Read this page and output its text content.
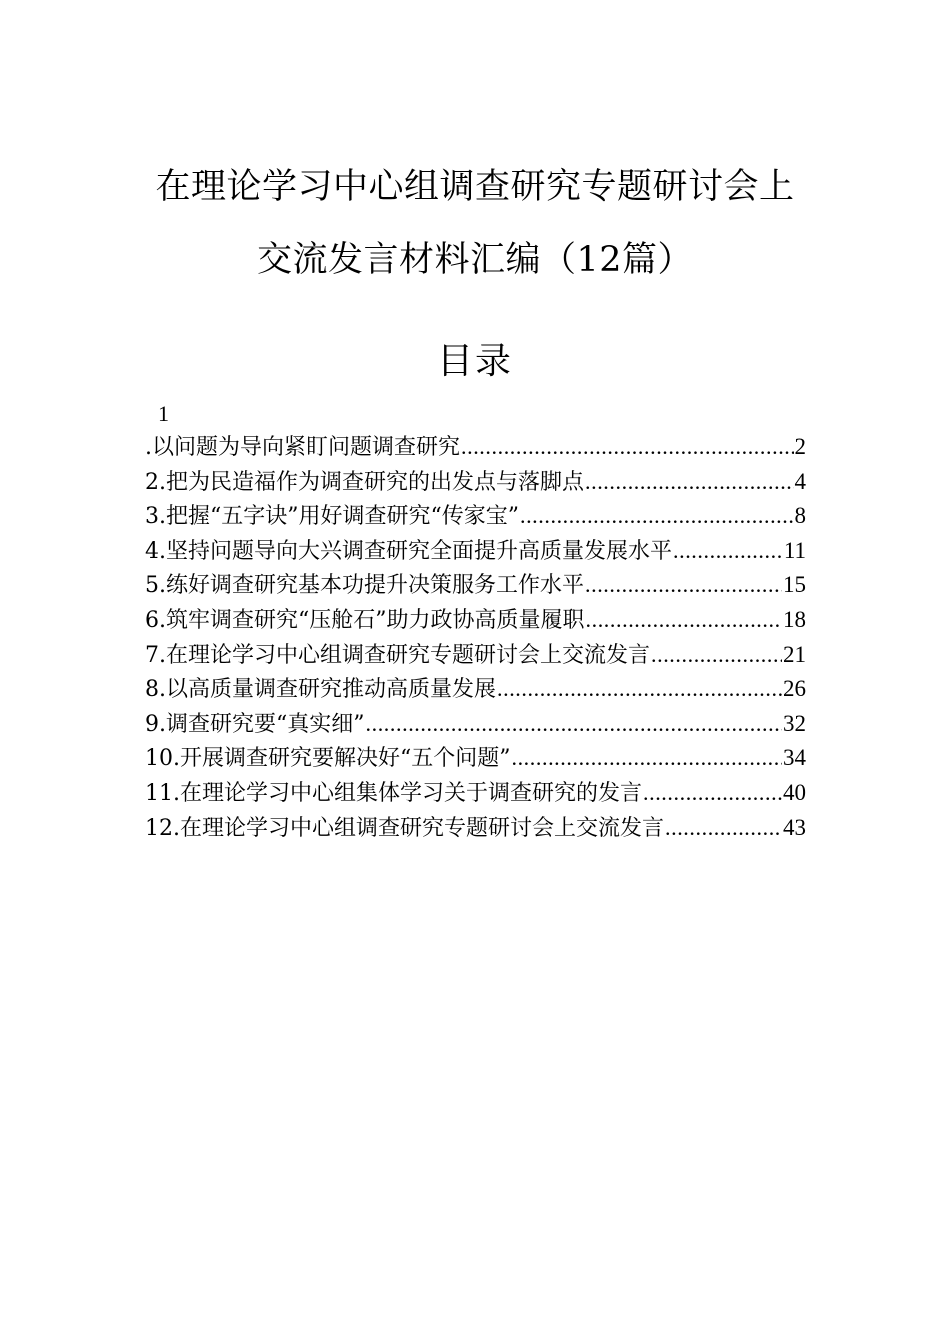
在理论学习中心组调查研究专题研讨会上
交流发言材料汇编（12篇）
目录
1
.以问题为导向紧盯问题调查研究 .....	2
2.把为民造福作为调查研究的出发点与落脚点 .....	4
3.把握“五字诀”用好调查研究“传家宝” .....	8
4.坚持问题导向大兴调查研究全面提升高质量发展水平 .....	11
5.练好调查研究基本功提升决策服务工作水平 .....	15
6.筑牢调查研究“压舱石”助力政协高质量履职 .....	18
7.在理论学习中心组调查研究专题研讨会上交流发言 .....	21
8.以高质量调查研究推动高质量发展 .....	26
9.调查研究要“真实细” .....	32
10.开展调查研究要解决好“五个问题” .....	34
11.在理论学习中心组集体学习关于调查研究的发言 .....	40
12.在理论学习中心组调查研究专题研讨会上交流发言 .....	43
